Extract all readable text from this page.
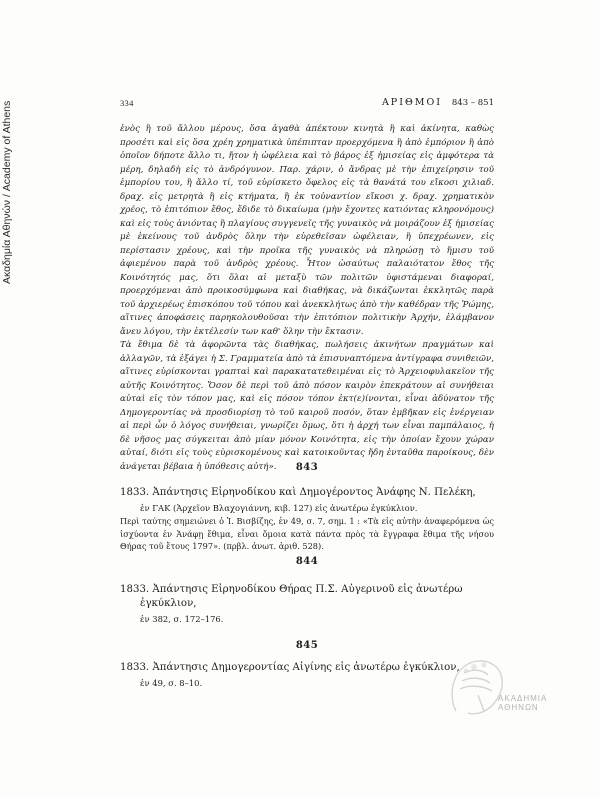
Ακαδημία Αθηνών / Academy of Athens	334	ΑΡΙΘΜΟΙ 843 – 851

ἑνὸς ἢ τοῦ ἄλλου μέρους, ὅσα ἀγαθὰ ἀπέκτουν κινητὰ ἢ καὶ ἀκίνητα, καθὼς προσέτι καὶ εἰς ὅσα χρέη χρηματικὰ ὑπέπιπταν προερχόμενα ἢ ἀπὸ ἐμπόριον ἢ ἀπὸ ὁποῖον δήποτε ἄλλο τι, ἤτον ἡ ὠφέλεια καὶ τὸ βάρος ἐξ ἡμισείας εἰς ἀμφότερα τὰ μέρη, δηλαδὴ εἰς τὸ ἀνδρόγυνον. Παρ. χάριν, ὁ ἄνδρας μὲ τὴν ἐπιχείρησιν τοῦ ἐμπορίου του, ἢ ἄλλο τί, τοῦ εὑρίσκετο ὄφελος εἰς τὰ θανάτά του εἴκοσι χιλιαδ. δραχ. εἰς μετρητὰ ἢ εἰς κτήματα, ἢ ἐκ τοὐναντίον εἴκοσι χ. δραχ. χρηματικὸν χρέος, τὸ ἐπιτόπιον ἔθος, ἔδιδε τὸ δικαίωμα (μὴν ἔχοντες κατιόντας κληρονόμους) καὶ εἰς τοὺς ἀνιόντας ἢ πλαγίους συγγενεῖς τῆς γυναικὸς νὰ μοιράζουν ἐξ ἡμισείας μὲ ἐκείνους τοῦ ἀνδρὸς ὅλην τὴν εὑρεθεῖσαν ὠφέλειαν, ἢ ὑπεχρέωνεν, εἰς περίστασιν χρέους, καὶ τὴν προῖκα τῆς γυναικὸς νὰ πληρώσῃ τὸ ἥμισυ τοῦ ἀφιεμένου παρὰ τοῦ ἀνδρὸς χρέους. Ἦτον ὡσαύτως παλαιότατον ἔθος τῆς Κοινότητός μας, ὅτι ὅλαι αἱ μεταξὺ τῶν πολιτῶν ὑφιστάμεναι διαφοραί, προερχόμεναι ἀπὸ προικοσύμφωνα καὶ διαθήκας, νὰ δικάζωνται ἐκκλητῶς παρὰ τοῦ ἀρχιερέως ἐπισκόπου τοῦ τόπου καὶ ἀνεκκλήτως ἀπὸ τὴν καθέδραν τῆς Ῥώμης, αἵτινες ἀποφάσεις παρηκολουθοῦσαι τὴν ἐπιτόπιον πολιτικὴν Ἀρχήν, ἐλάμβανον ἄνευ λόγου, τὴν ἐκτέλεσίν των καθ' ὅλην τὴν ἔκτασιν.

Τὰ ἔθιμα δὲ τὰ ἀφορῶντα τὰς διαθήκας, πωλήσεις ἀκινήτων πραγμάτων καὶ ἀλλαγῶν, τὰ ἐξάγει ἡ Σ. Γραμματεία ἀπὸ τὰ ἐπισυναπτόμενα ἀντίγραφα συνιθειῶν, αἵτινες εὑρίσκονται γραπταὶ καὶ παρακατατεθειμέναι εἰς τὸ Ἀρχειοφυλακεῖον τῆς αὐτῆς Κοινότητος. Ὅσον δὲ περὶ τοῦ ἀπὸ πόσον καιρὸν ἐπεκράτουν αἱ συνήθειαι αὐταὶ εἰς τὸν τόπον μας, καὶ εἰς πόσον τόπον ἐκτ(ε)ίνονται, εἶναι ἀδύνατον τῆς Δημογεροντίας νὰ προσδιορίσῃ τὸ τοῦ καιροῦ ποσόν, ὅταν ἐμβῆκαν εἰς ἐνέργειαν αἱ περὶ ὧν ὁ λόγος συνήθειαι, γνωρίζει ὅμως, ὅτι ἡ ἀρχή των εἶναι παμπάλαιος, ἡ δὲ νῆσος μας σύγκειται ἀπὸ μίαν μόνον Κοινότητα, εἰς τὴν ὁποίαν ἔχουν χώραν αὐταί, διότι εἰς τοὺς εὑρισκομένους καὶ κατοικοῦντας ἤδη ἐνταῦθα παροίκους, δὲν ἀνάγεται βέβαια ἡ ὑπόθεσις αὐτή».	843
1833. Ἀπάντησις Εἰρηνοδίκου καὶ Δημογέροντος Ἀνάφης Ν. Πελέκη,
ἐν ΓΑΚ (Ἀρχεῖον Βλαχογιάννη, κιβ. 127) εἰς ἀνωτέρω ἐγκύκλιον.
Περὶ ταύτης σημειώνει ὁ Ἰ. Βισβίζης, ἐν 49, σ. 7, σημ. 1 : «Τὰ εἰς αὐτὴν ἀναφερόμενα ὡς ἰσχύοντα ἐν Ἀνάφῃ ἔθιμα, εἶναι ὅμοια κατὰ πάντα πρὸς τὰ ἔγγραφα ἔθιμα τῆς νήσου Θήρας τοῦ ἔτους 1797». (πρβλ. ἀνωτ. ἀριθ. 528).
844
1833. Ἀπάντησις Εἰρηνοδίκου Θήρας Π.Σ. Αὐγερινοῦ εἰς ἀνωτέρω
ἐγκύκλιον,
ἐν 382, σ. 172–176.
845
1833. Ἀπάντησις Δημογεροντίας Αἰγίνης εἰς ἀνωτέρω ἐγκύκλιον,
ἐν 49, σ. 8–10.
ΑΚΑΔΗΜΙΑ ΑΘΗΝΩΝ
